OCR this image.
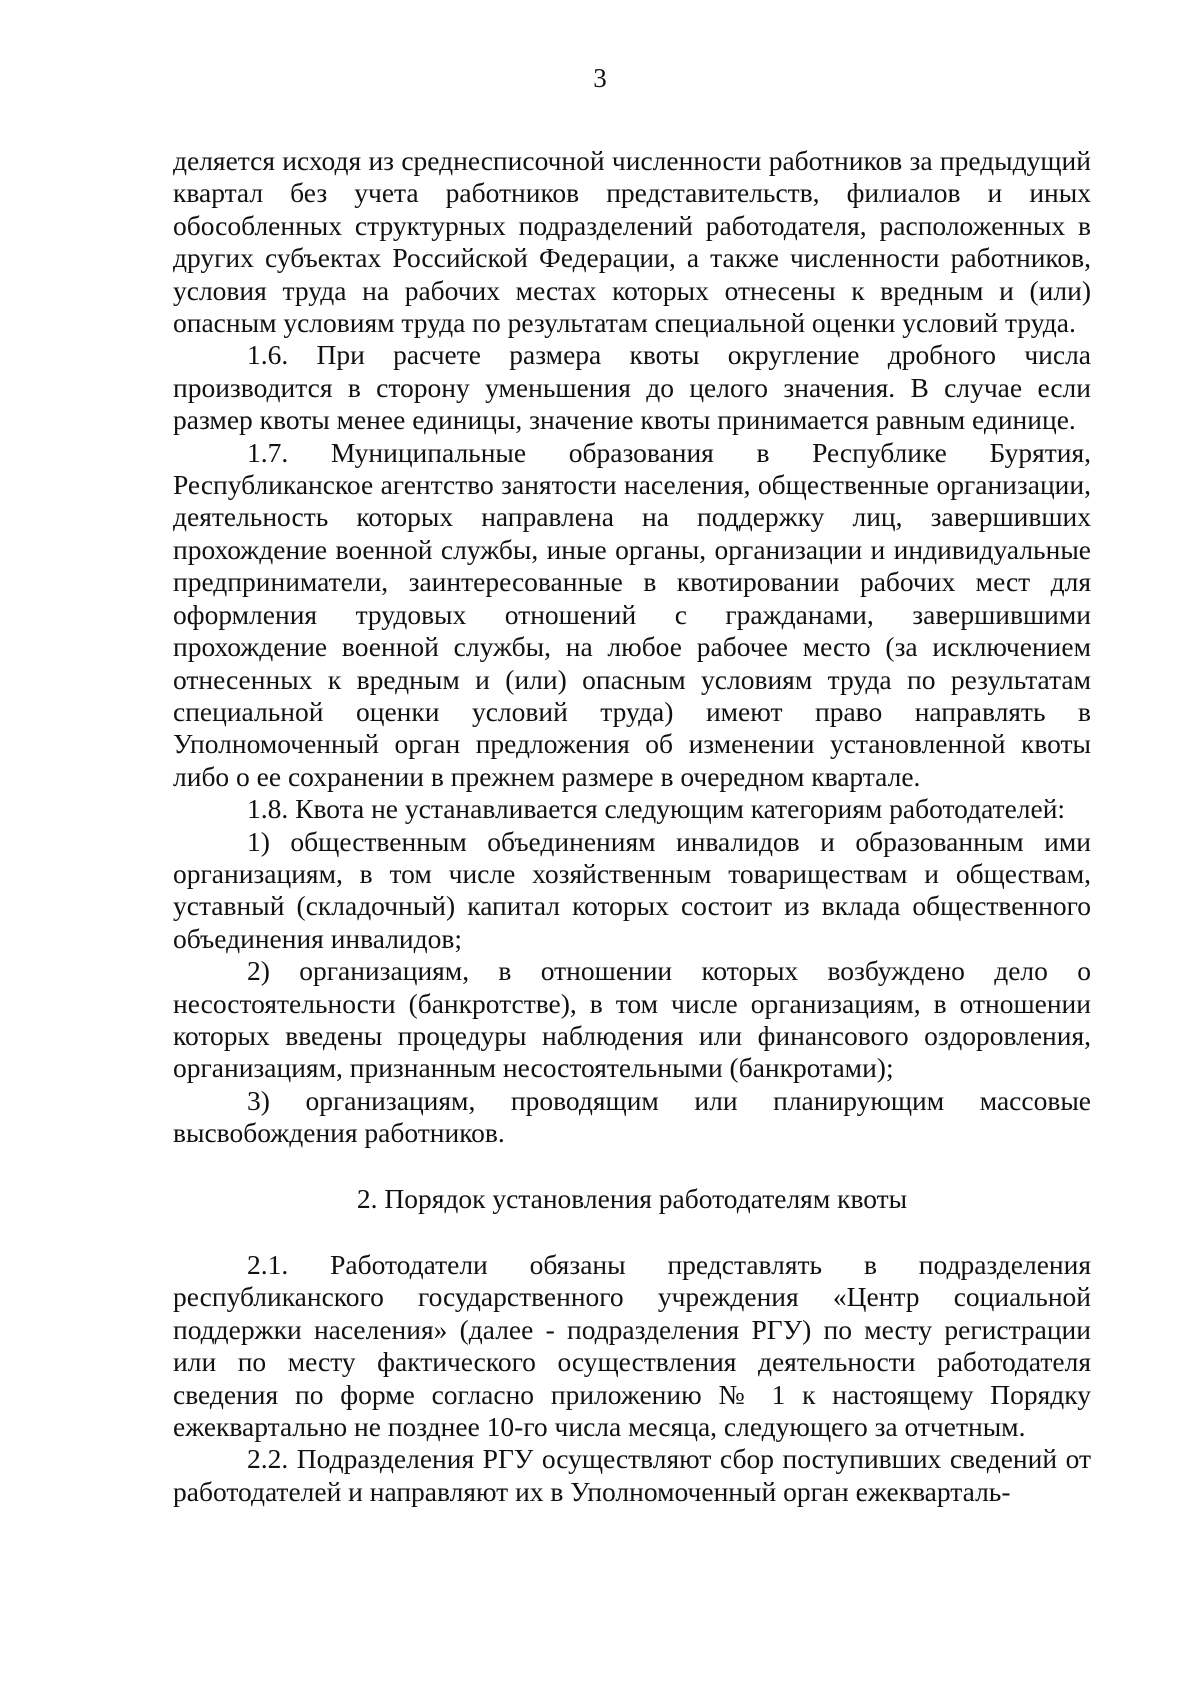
3

деляется исходя из среднесписочной численности работников за предыдущий квартал без учета работников представительств, филиалов и иных обособленных структурных подразделений работодателя, расположенных в других субъектах Российской Федерации, а также численности работников, условия труда на рабочих местах которых отнесены к вредным и (или) опасным условиям труда по результатам специальной оценки условий труда.

1.6. При расчете размера квоты округление дробного числа производится в сторону уменьшения до целого значения. В случае если размер квоты менее единицы, значение квоты принимается равным единице.

1.7. Муниципальные образования в Республике Бурятия, Республиканское агентство занятости населения, общественные организации, деятельность которых направлена на поддержку лиц, завершивших прохождение военной службы, иные органы, организации и индивидуальные предприниматели, заинтересованные в квотировании рабочих мест для оформления трудовых отношений с гражданами, завершившими прохождение военной службы, на любое рабочее место (за исключением отнесенных к вредным и (или) опасным условиям труда по результатам специальной оценки условий труда) имеют право направлять в Уполномоченный орган предложения об изменении установленной квоты либо о ее сохранении в прежнем размере в очередном квартале.

1.8. Квота не устанавливается следующим категориям работодателей:

1) общественным объединениям инвалидов и образованным ими организациям, в том числе хозяйственным товариществам и обществам, уставный (складочный) капитал которых состоит из вклада общественного объединения инвалидов;

2) организациям, в отношении которых возбуждено дело о несостоятельности (банкротстве), в том числе организациям, в отношении которых введены процедуры наблюдения или финансового оздоровления, организациям, признанным несостоятельными (банкротами);

3) организациям, проводящим или планирующим массовые высвобождения работников.

2. Порядок установления работодателям квоты

2.1. Работодатели обязаны представлять в подразделения республиканского государственного учреждения «Центр социальной поддержки населения» (далее - подразделения РГУ) по месту регистрации или по месту фактического осуществления деятельности работодателя сведения по форме согласно приложению № 1 к настоящему Порядку ежеквартально не позднее 10-го числа месяца, следующего за отчетным.

2.2. Подразделения РГУ осуществляют сбор поступивших сведений от работодателей и направляют их в Уполномоченный орган ежекварталь-
